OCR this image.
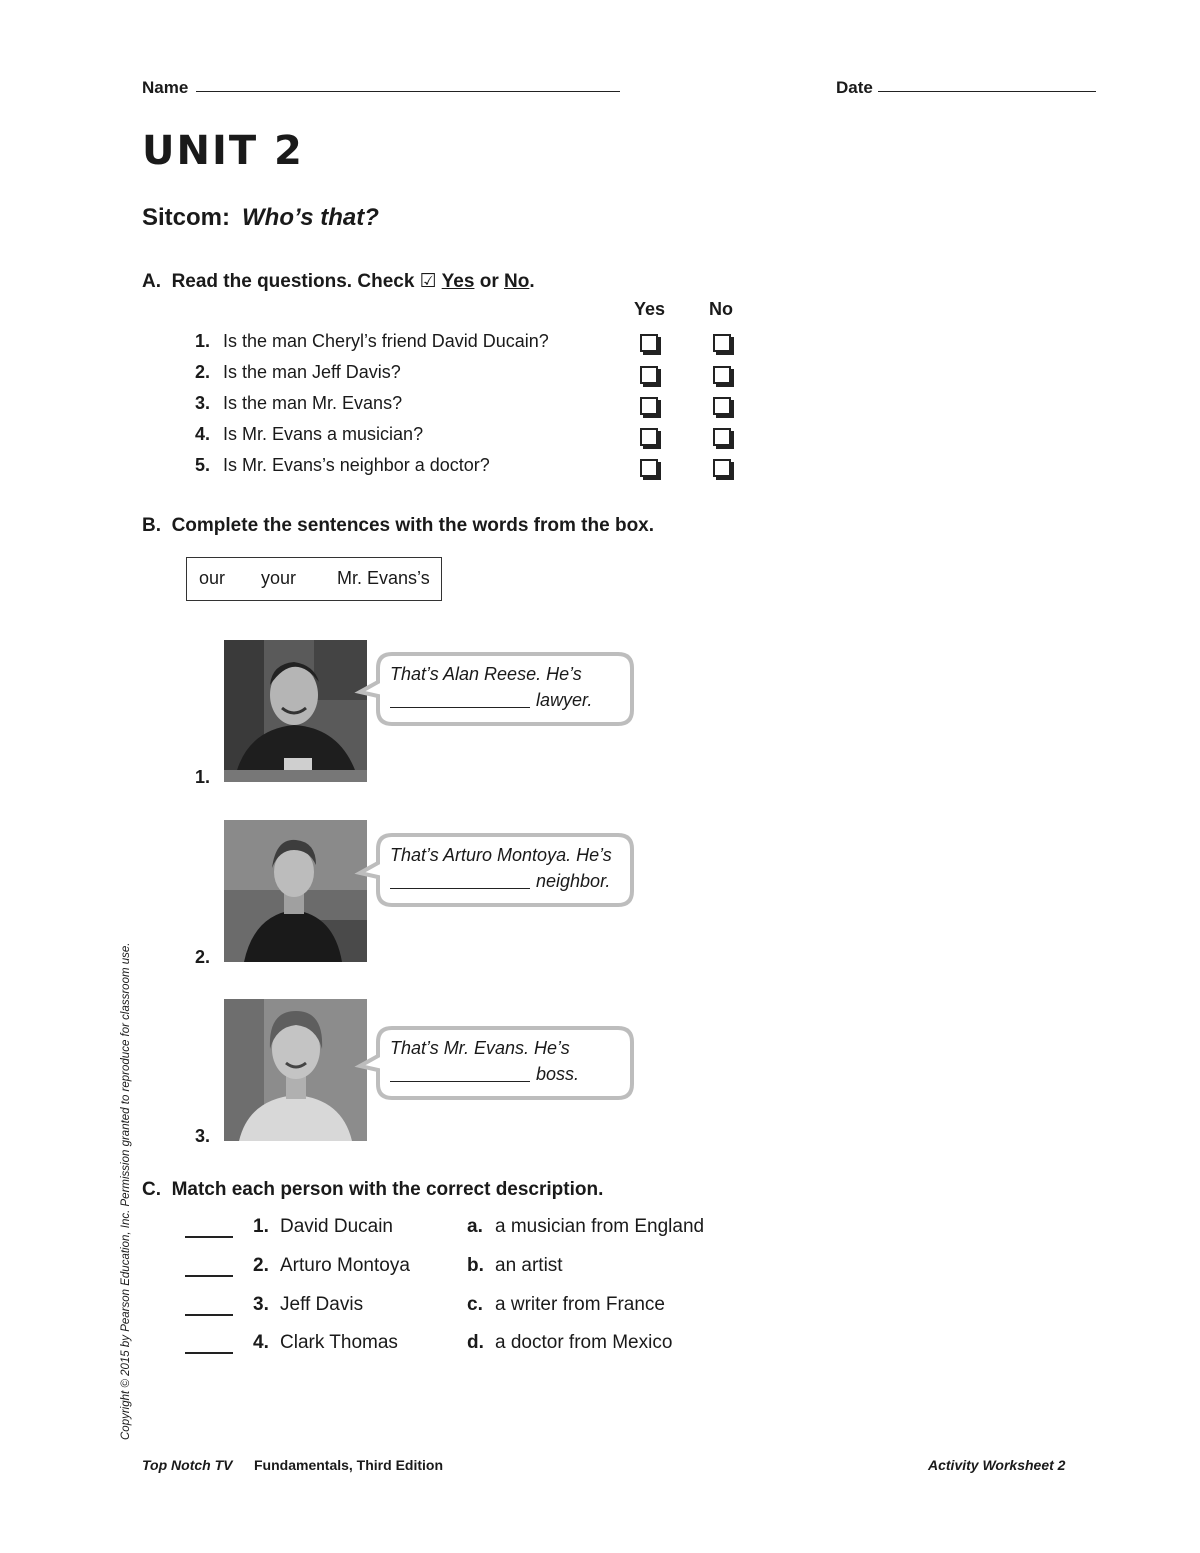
Name	Date
UNIT 2
Sitcom: Who’s that?
A. Read the questions. Check ☑ Yes or No.
Yes No
1. Is the man Cheryl’s friend David Ducain?
2. Is the man Jeff Davis?
3. Is the man Mr. Evans?
4. Is Mr. Evans a musician?
5. Is Mr. Evans’s neighbor a doctor?
B. Complete the sentences with the words from the box.
our your Mr. Evans’s
That’s Alan Reese. He’s
lawyer.
1.
That’s Arturo Montoya. He’s
neighbor.
2.
That’s Mr. Evans. He’s
boss.
3.
C. Match each person with the correct description.
1. David Ducain	a. a musician from England
2. Arturo Montoya	b. an artist
3. Jeff Davis	c. a writer from France
4. Clark Thomas	d. a doctor from Mexico
Copyright © 2015 by Pearson Education, Inc. Permission granted to reproduce for classroom use.
Top Notch TV Fundamentals, Third Edition	Activity Worksheet 2
